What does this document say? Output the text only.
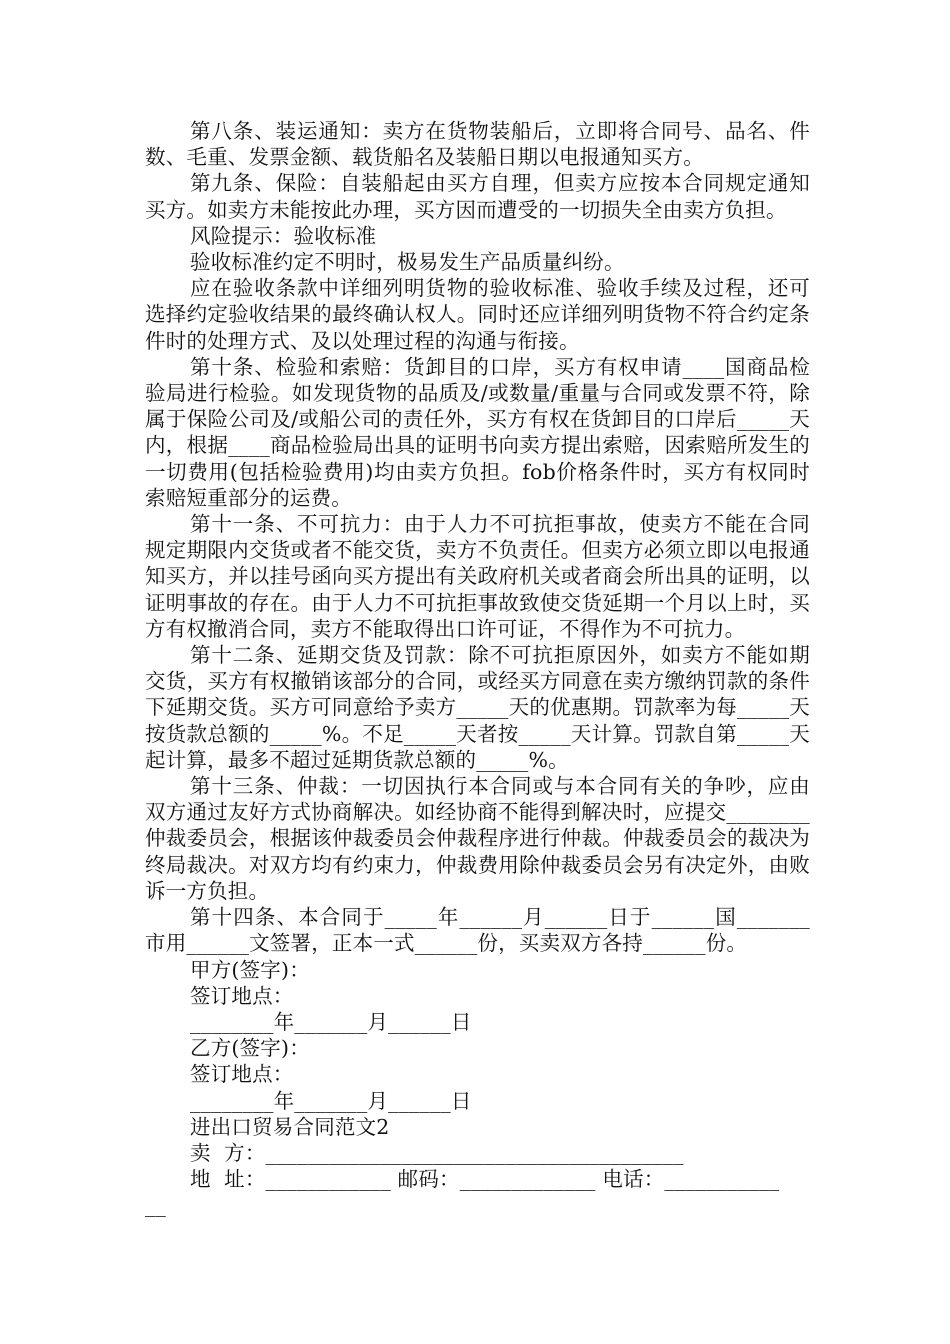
第八条、装运通知：卖方在货物装船后，立即将合同号、品名、件数、毛重、发票金额、载货船名及装船日期以电报通知买方。

第九条、保险：自装船起由买方自理，但卖方应按本合同规定通知买方。如卖方未能按此办理，买方因而遭受的一切损失全由卖方负担。

风险提示：验收标准

验收标准约定不明时，极易发生产品质量纠纷。

应在验收条款中详细列明货物的验收标准、验收手续及过程，还可选择约定验收结果的最终确认权人。同时还应详细列明货物不符合约定条件时的处理方式、及以处理过程的沟通与衔接。

第十条、检验和索赔：货卸目的口岸，买方有权申请____国商品检验局进行检验。如发现货物的品质及/或数量/重量与合同或发票不符，除属于保险公司及/或船公司的责任外，买方有权在货卸目的口岸后_____天内，根据____商品检验局出具的证明书向卖方提出索赔，因索赔所发生的一切费用(包括检验费用)均由卖方负担。fob价格条件时，买方有权同时索赔短重部分的运费。

第十一条、不可抗力：由于人力不可抗拒事故，使卖方不能在合同规定期限内交货或者不能交货，卖方不负责任。但卖方必须立即以电报通知买方，并以挂号函向买方提出有关政府机关或者商会所出具的证明，以证明事故的存在。由于人力不可抗拒事故致使交货延期一个月以上时，买方有权撤消合同，卖方不能取得出口许可证，不得作为不可抗力。

第十二条、延期交货及罚款：除不可抗拒原因外，如卖方不能如期交货，买方有权撤销该部分的合同，或经买方同意在卖方缴纳罚款的条件下延期交货。买方可同意给予卖方_____天的优惠期。罚款率为每_____天按货款总额的_____%。不足_____天者按_____天计算。罚款自第_____天起计算，最多不超过延期货款总额的_____%。

第十三条、仲裁：一切因执行本合同或与本合同有关的争吵，应由双方通过友好方式协商解决。如经协商不能得到解决时，应提交________仲裁委员会，根据该仲裁委员会仲裁程序进行仲裁。仲裁委员会的裁决为终局裁决。对双方均有约束力，仲裁费用除仲裁委员会另有决定外，由败诉一方负担。

第十四条、本合同于_____年______月______日于______国_______市用______文签署，正本一式______份，买卖双方各持______份。

甲方(签字)：

签订地点：

________年_______月______日

乙方(签字)：

签订地点：

________年_______月______日

进出口贸易合同范文2

卖  方：________________________________________

地  址：____________ 邮码：_____________ 电话：___________

__
